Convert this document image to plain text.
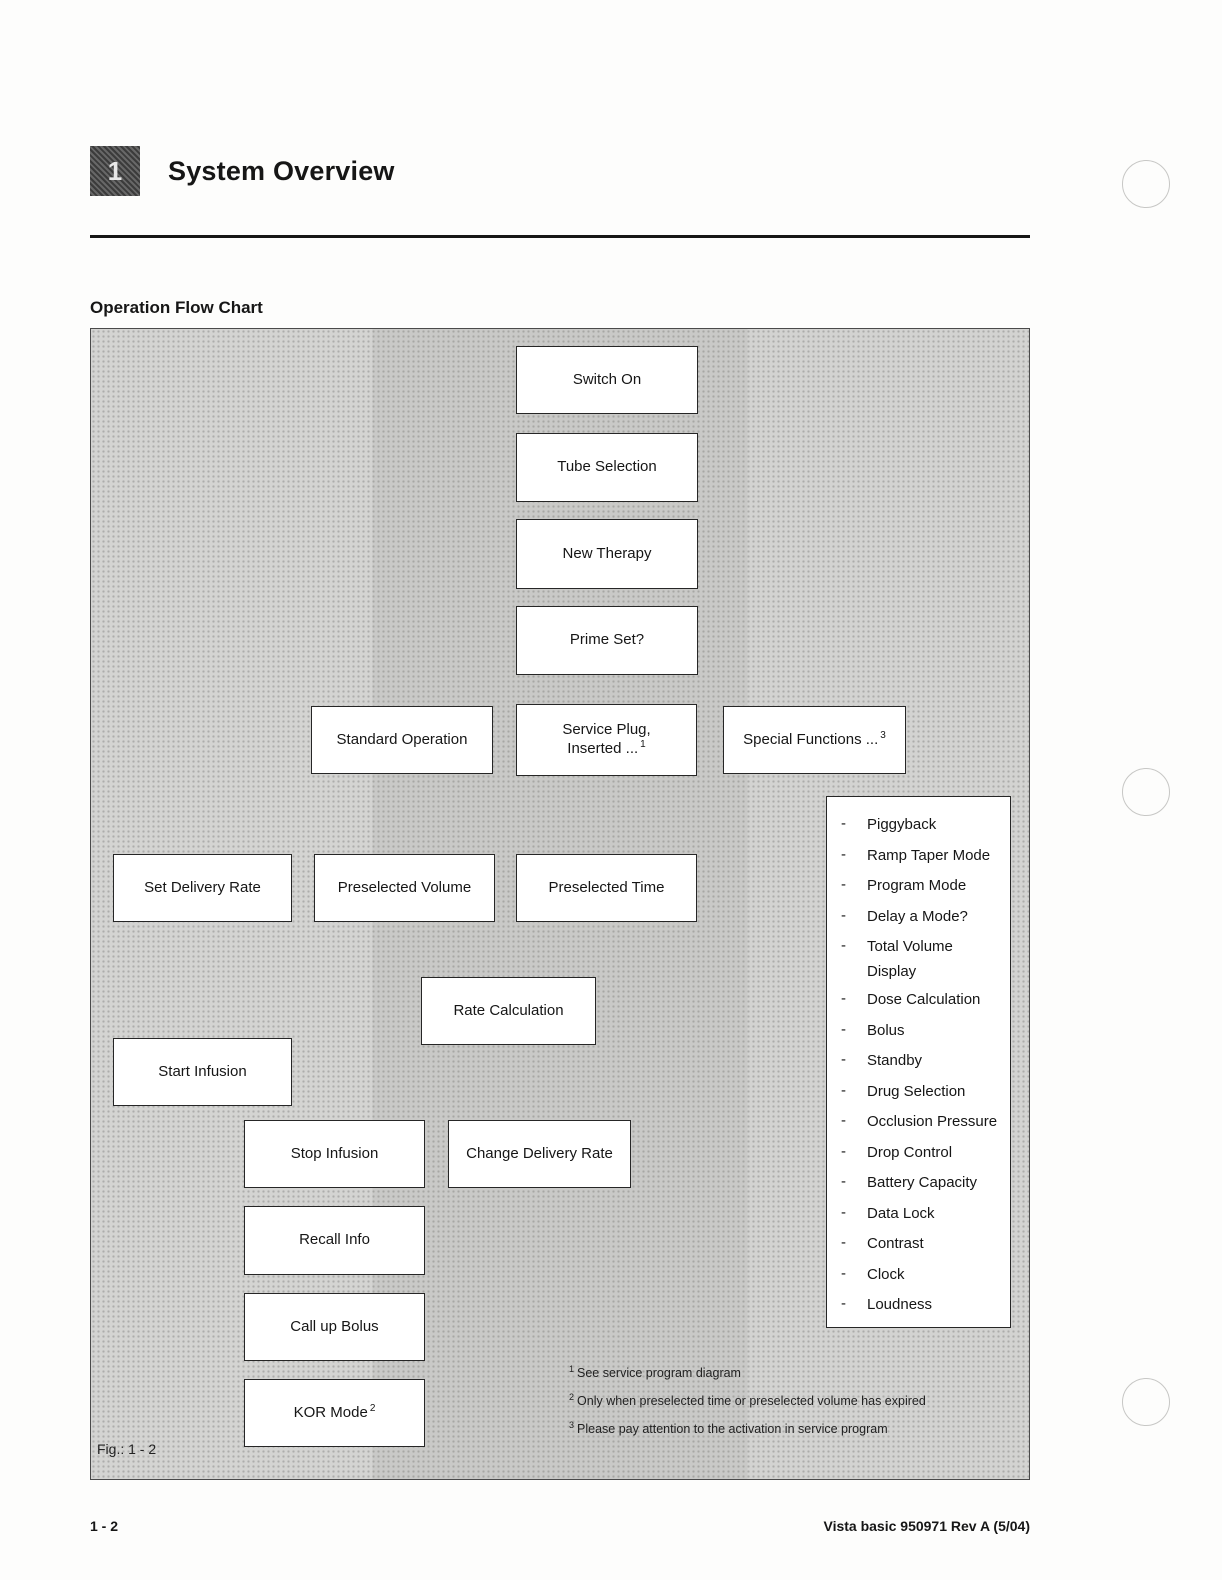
1 System Overview
Operation Flow Chart
Switch On
Tube Selection
New Therapy
Prime Set?
Standard Operation
Service Plug,
Inserted ... $^1$	Special Functions ... $^3$
-	Piggyback
-	Ramp Taper Mode
-	Program Mode
-	Delay a Mode?
-	Total Volume Display
-	Dose Calculation
-	Bolus
-	Standby
-	Drug Selection
-	Occlusion Pressure
-	Drop Control
-	Battery Capacity
-	Data Lock
-	Contrast
-	Clock
-	Loudness
Set Delivery Rate	Preselected Volume	Preselected Time
Rate Calculation
Start Infusion
Stop Infusion	Change Delivery Rate
Recall Info
Call up Bolus
KOR Mode $^2$
$^1$ See service program diagram
$^2$ Only when preselected time or preselected volume has expired
$^3$ Please pay attention to the activation in service program
Fig.: 1 - 2
1 - 2	Vista basic 950971 Rev A (5/04)
